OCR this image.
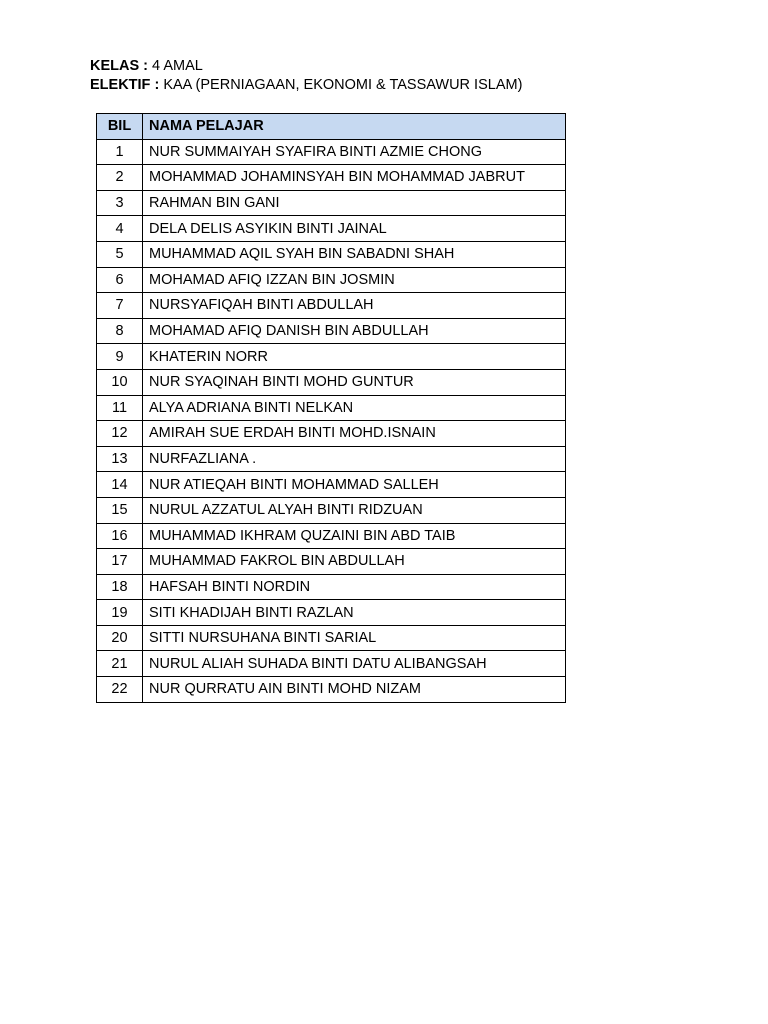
KELAS : 4 AMAL
ELEKTIF : KAA (PERNIAGAAN, EKONOMI & TASSAWUR ISLAM)
BIL	NAMA PELAJAR
1	NUR SUMMAIYAH SYAFIRA BINTI AZMIE CHONG
2	MOHAMMAD JOHAMINSYAH BIN MOHAMMAD JABRUT
3	RAHMAN BIN GANI
4	DELA DELIS ASYIKIN BINTI JAINAL
5	MUHAMMAD AQIL SYAH BIN SABADNI SHAH
6	MOHAMAD AFIQ IZZAN BIN JOSMIN
7	NURSYAFIQAH BINTI ABDULLAH
8	MOHAMAD AFIQ DANISH BIN ABDULLAH
9	KHATERIN NORR
10	NUR SYAQINAH BINTI MOHD GUNTUR
11	ALYA ADRIANA BINTI NELKAN
12	AMIRAH SUE ERDAH BINTI MOHD.ISNAIN
13	NURFAZLIANA .
14	NUR ATIEQAH BINTI MOHAMMAD SALLEH
15	NURUL AZZATUL ALYAH BINTI RIDZUAN
16	MUHAMMAD IKHRAM QUZAINI BIN ABD TAIB
17	MUHAMMAD FAKROL BIN ABDULLAH
18	HAFSAH BINTI NORDIN
19	SITI KHADIJAH BINTI RAZLAN
20	SITTI NURSUHANA BINTI SARIAL
21	NURUL ALIAH SUHADA BINTI DATU ALIBANGSAH
22	NUR QURRATU AIN BINTI MOHD NIZAM
